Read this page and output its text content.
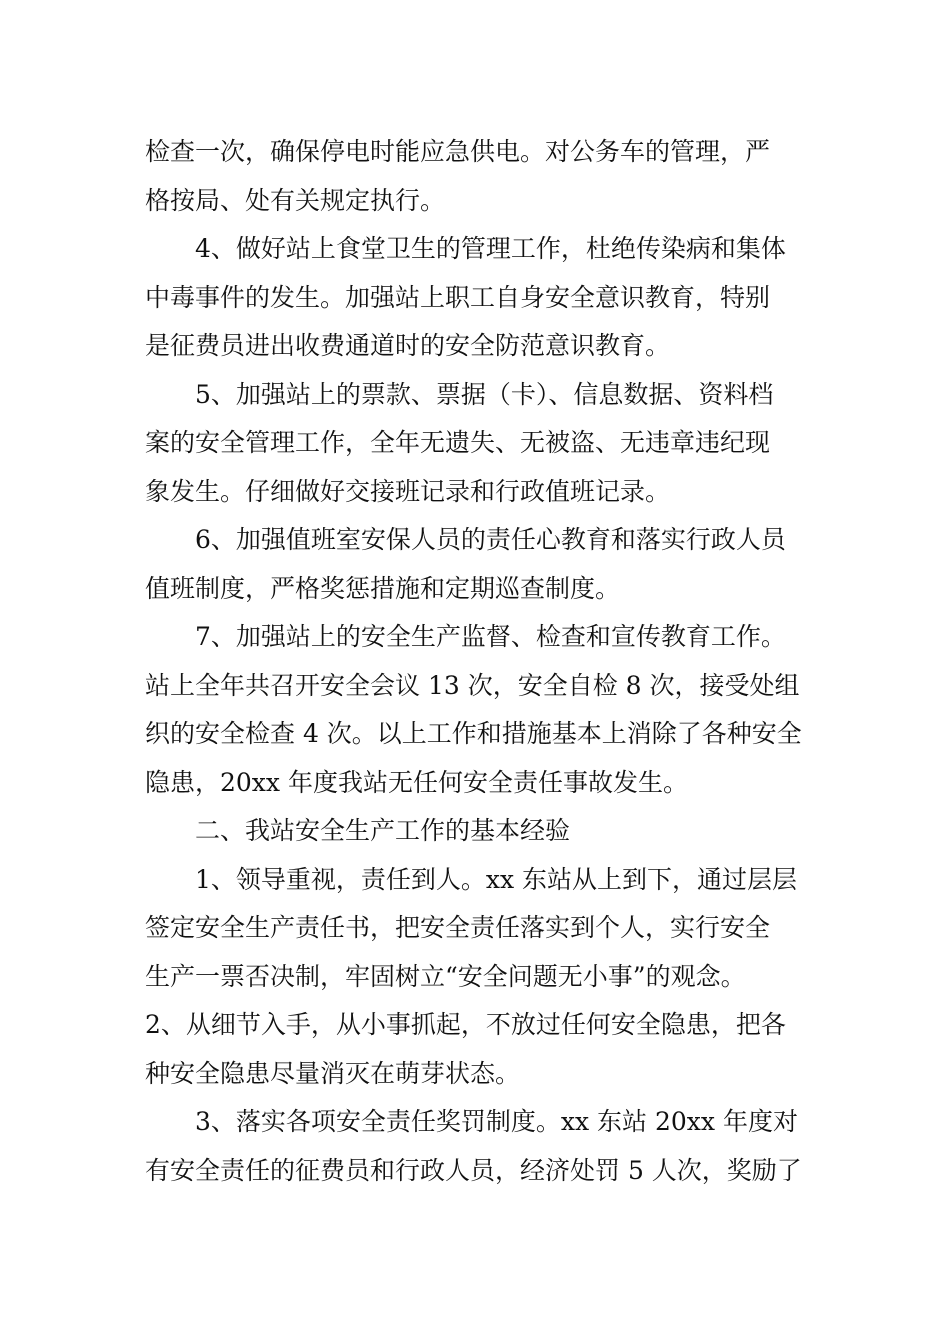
检查一次，确保停电时能应急供电。对公务车的管理，严
格按局、处有关规定执行。
4、做好站上食堂卫生的管理工作，杜绝传染病和集体
中毒事件的发生。加强站上职工自身安全意识教育，特别
是征费员进出收费通道时的安全防范意识教育。
5、加强站上的票款、票据（卡）、信息数据、资料档
案的安全管理工作，全年无遗失、无被盗、无违章违纪现
象发生。仔细做好交接班记录和行政值班记录。
6、加强值班室安保人员的责任心教育和落实行政人员
值班制度，严格奖惩措施和定期巡查制度。
7、加强站上的安全生产监督、检查和宣传教育工作。
站上全年共召开安全会议 13 次，安全自检 8 次，接受处组
织的安全检查 4 次。以上工作和措施基本上消除了各种安全
隐患，20xx 年度我站无任何安全责任事故发生。
二、我站安全生产工作的基本经验
1、领导重视，责任到人。xx 东站从上到下，通过层层
签定安全生产责任书，把安全责任落实到个人，实行安全
生产一票否决制，牢固树立“安全问题无小事”的观念。
2、从细节入手，从小事抓起，不放过任何安全隐患，把各
种安全隐患尽量消灭在萌芽状态。
3、落实各项安全责任奖罚制度。xx 东站 20xx 年度对
有安全责任的征费员和行政人员，经济处罚 5 人次，奖励了
